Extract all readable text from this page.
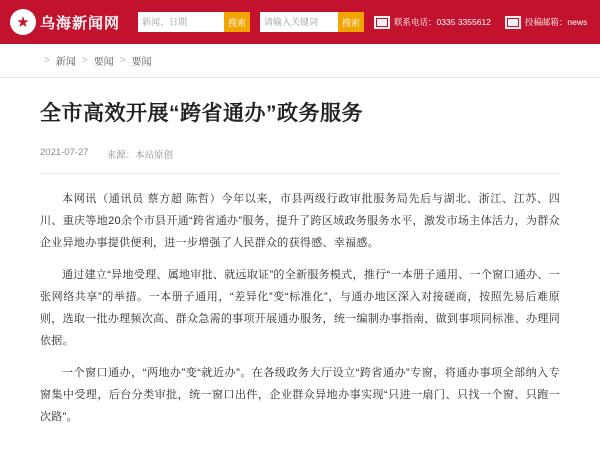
★ 乌海新闻网	新闻、日期	搜索	请输入关键词	搜索	联系电话：0335 3355612	投稿邮箱：news
> 新闻 > 要闻 > 要闻
全市高效开展“跨省通办”政务服务
2021-07-27 来源：本站原创

本网讯（通讯员 蔡方超 陈哲）今年以来，市县两级行政审批服务局先后与湖北、浙江、江苏、四川、重庆等地20余个市县开通“跨省通办”服务，提升了跨区域政务服务水平，激发市场主体活力，为群众企业异地办事提供便利，进一步增强了人民群众的获得感、幸福感。

通过建立“异地受理、属地审批、就远取证”的全新服务模式，推行“一本册子通用、一个窗口通办、一张网络共享”的举措。一本册子通用，“差异化”变“标准化”，与通办地区深入对接磋商，按照先易后难原则，选取一批办理频次高、群众急需的事项开展通办服务，统一编制办事指南，做到事项同标准、办理同依据。

一个窗口通办，“两地办”变“就近办”。在各级政务大厅设立“跨省通办”专窗，将通办事项全部纳入专窗集中受理，后台分类审批，统一窗口出件，企业群众异地办事实现“只进一扇门、只找一个窗、只跑一次路”。
